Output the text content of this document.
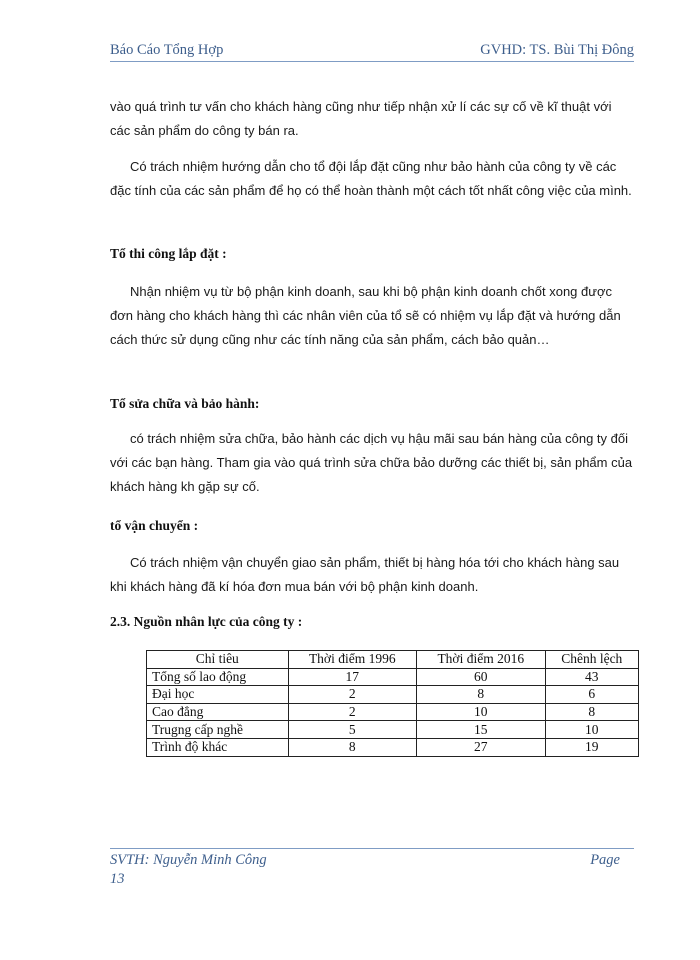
Báo Cáo Tổng Hợp	GVHD: TS. Bùi Thị Đông

vào quá trình tư vấn cho khách hàng cũng như tiếp nhận xử lí các sự cố về kĩ thuật với các sản phẩm do công ty bán ra.

Có trách nhiệm hướng dẫn cho tổ đội lắp đặt cũng như bảo hành của công ty về các đặc tính của các sản phẩm để họ có thể hoàn thành một cách tốt nhất công việc của mình.

Tổ thi công lắp đặt :

Nhận nhiệm vụ từ bộ phận kinh doanh, sau khi bộ phận kinh doanh chốt xong được đơn hàng cho khách hàng thì các nhân viên của tổ sẽ có nhiệm vụ lắp đặt và hướng dẫn cách thức sử dụng cũng như các tính năng của sản phẩm, cách bảo quản…

Tổ sửa chữa và bảo hành:

có trách nhiệm sửa chữa, bảo hành các dịch vụ hậu mãi sau bán hàng của công ty đối với các bạn hàng. Tham gia vào quá trình sửa chữa bảo dưỡng các thiết bị, sản phẩm của khách hàng kh gặp sự cố.

tổ vận chuyển :

Có trách nhiệm vận chuyển giao sản phẩm, thiết bị hàng hóa tới cho khách hàng sau khi khách hàng đã kí hóa đơn mua bán với bộ phận kinh doanh.

2.3. Nguồn nhân lực của công ty :
Chỉ tiêu	Thời điểm 1996	Thời điểm 2016	Chênh lệch
Tổng số lao động	17	60	43
Đại học	2	8	6
Cao đẳng	2	10	8
Trugng cấp nghề	5	15	10
Trình độ khác	8	27	19
SVTH: Nguyễn Minh Công	Page
13
